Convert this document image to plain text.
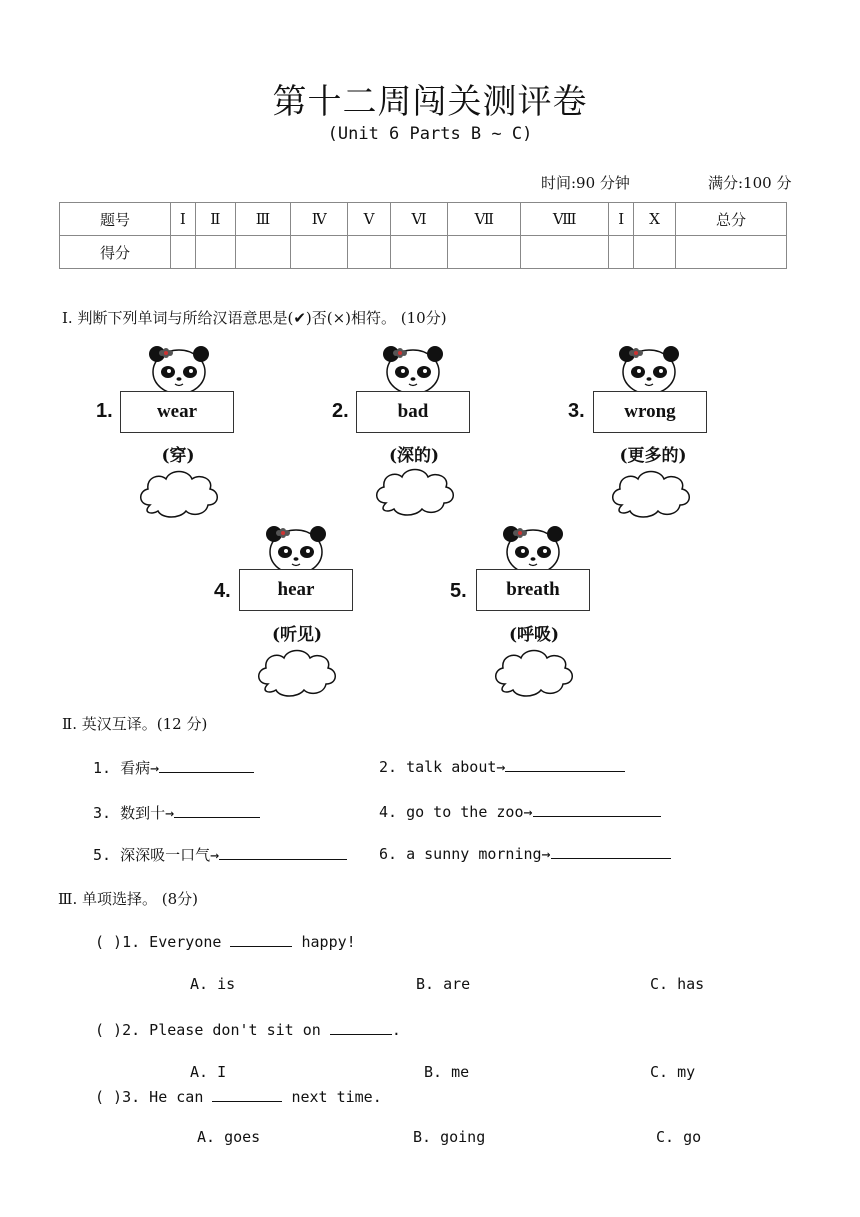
第十二周闯关测评卷
(Unit 6 Parts B ~ C)
时间:90 分钟	满分:100 分
题号	Ⅰ	Ⅱ	Ⅲ	Ⅳ	Ⅴ	Ⅵ	Ⅶ	Ⅷ	Ⅰ	Ⅹ	总分
得分											
Ⅰ. 判断下列单词与所给汉语意思是(✔)否(×)相符。 (10分)
1.	wear
(穿)
2.	bad
(深的)
3.	wrong
(更多的)
4.	hear
(听见)
5.	breath
(呼吸)
Ⅱ. 英汉互译。(12 分)
1. 看病→	2. talk about→
3. 数到十→	4. go to the zoo→
5. 深深吸一口气→	6. a sunny morning→
Ⅲ. 单项选择。 (8分)
( )1. Everyone	happy!
A. is	B. are	C. has
( )2. Please don't sit on	.
A. I	B. me	C. my
( )3. He can	next time.
A. goes	B. going	C. go
